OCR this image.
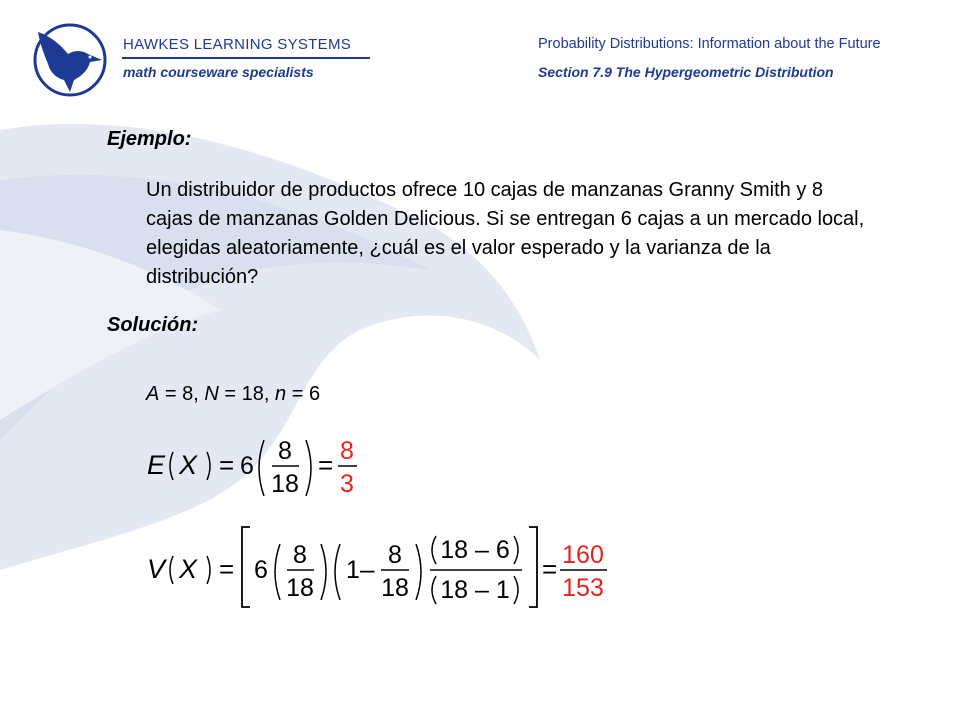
HAWKES LEARNING SYSTEMS
math courseware specialists
Probability Distributions: Information about the Future
Section 7.9 The Hypergeometric Distribution
Ejemplo:

Un distribuidor de productos ofrece 10 cajas de manzanas Granny Smith y 8 cajas de manzanas Golden Delicious. Si se entregan 6 cajas a un mercado local, elegidas aleatoriamente, ¿cuál es el valor esperado y la varianza de la distribución?

Solución:
A = 8, N = 18, n = 6
E X = 6
8
18
= 8
3
V X = 6
8
18
1 – 8
18
18 – 6
18 – 1
= 160
153
